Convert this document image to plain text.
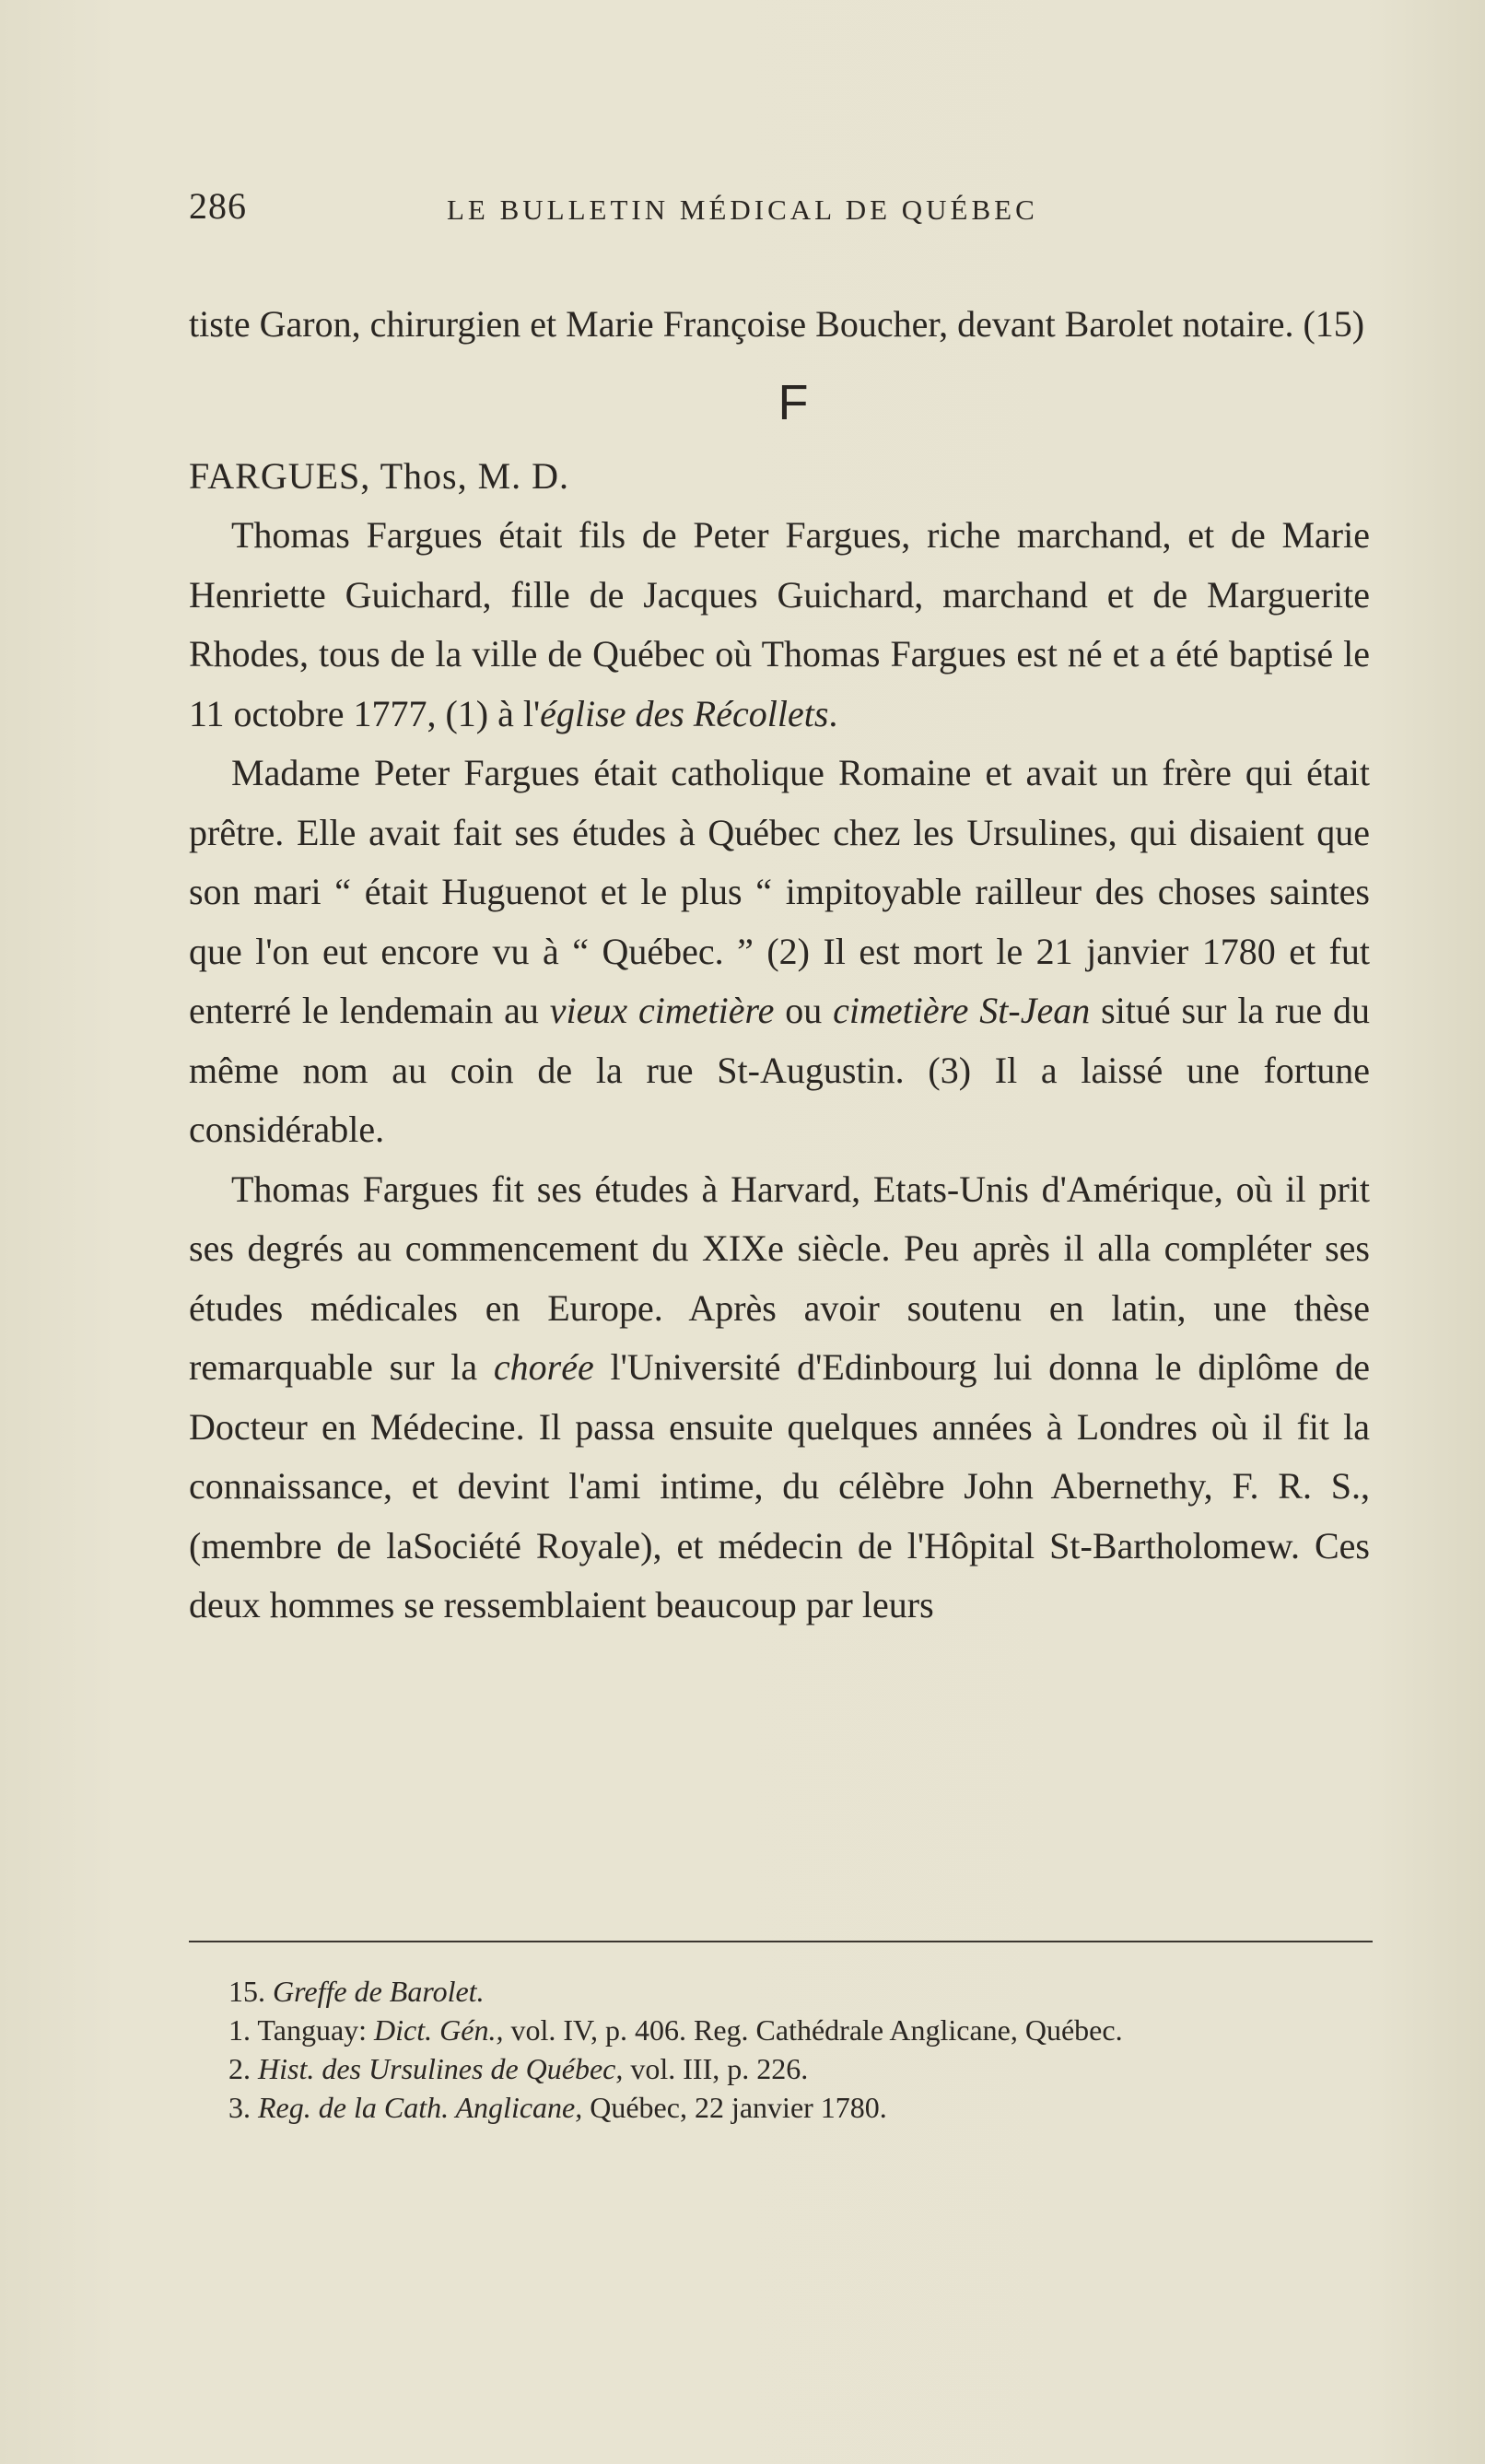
286	LE BULLETIN MÉDICAL DE QUÉBEC

tiste Garon, chirurgien et Marie Françoise Boucher, devant Barolet notaire. (15)

F

FARGUES, Thos, M. D.

Thomas Fargues était fils de Peter Fargues, riche marchand, et de Marie Henriette Guichard, fille de Jacques Guichard, marchand et de Marguerite Rhodes, tous de la ville de Québec où Thomas Fargues est né et a été baptisé le 11 octobre 1777, (1) à l'église des Récollets.

Madame Peter Fargues était catholique Romaine et avait un frère qui était prêtre. Elle avait fait ses études à Québec chez les Ursulines, qui disaient que son mari “ était Huguenot et le plus “ impitoyable railleur des choses saintes que l'on eut encore vu à “ Québec. ” (2) Il est mort le 21 janvier 1780 et fut enterré le lendemain au vieux cimetière ou cimetière St-Jean situé sur la rue du même nom au coin de la rue St-Augustin. (3) Il a laissé une fortune considérable.

Thomas Fargues fit ses études à Harvard, Etats-Unis d'Amérique, où il prit ses degrés au commencement du XIXe siècle. Peu après il alla compléter ses études médicales en Europe. Après avoir soutenu en latin, une thèse remarquable sur la chorée l'Université d'Edinbourg lui donna le diplôme de Docteur en Médecine. Il passa ensuite quelques années à Londres où il fit la connaissance, et devint l'ami intime, du célèbre John Abernethy, F. R. S., (membre de laSociété Royale), et médecin de l'Hôpital St-Bartholomew. Ces deux hommes se ressemblaient beaucoup par leurs

15. Greffe de Barolet.
1. Tanguay: Dict. Gén., vol. IV, p. 406. Reg. Cathédrale Anglicane, Québec.
2. Hist. des Ursulines de Québec, vol. III, p. 226.
3. Reg. de la Cath. Anglicane, Québec, 22 janvier 1780.
